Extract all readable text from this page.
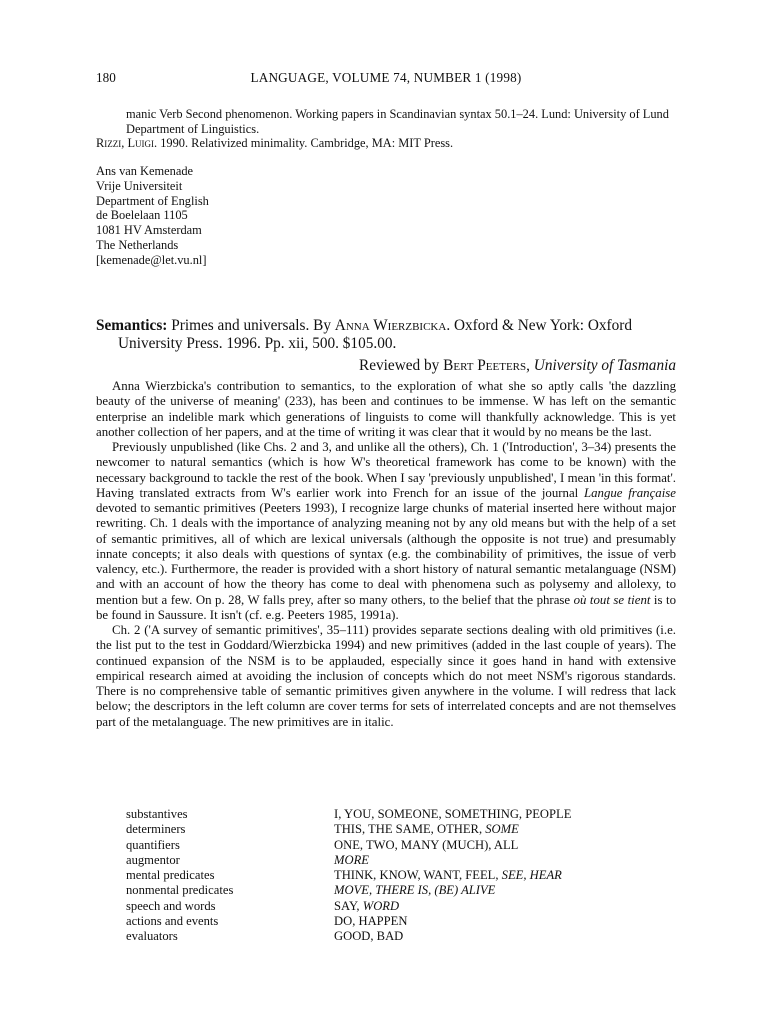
180	LANGUAGE, VOLUME 74, NUMBER 1 (1998)

manic Verb Second phenomenon. Working papers in Scandinavian syntax 50.1–24. Lund: University of Lund Department of Linguistics.

Rizzi, Luigi. 1990. Relativized minimality. Cambridge, MA: MIT Press.

Ans van Kemenade
Vrije Universiteit
Department of English
de Boelelaan 1105
1081 HV Amsterdam
The Netherlands
[kemenade@let.vu.nl]
Semantics: Primes and universals. By Anna Wierzbicka. Oxford & New York: Oxford University Press. 1996. Pp. xii, 500. $105.00.
Reviewed by Bert Peeters, University of Tasmania

Anna Wierzbicka's contribution to semantics, to the exploration of what she so aptly calls 'the dazzling beauty of the universe of meaning' (233), has been and continues to be immense. W has left on the semantic enterprise an indelible mark which generations of linguists to come will thankfully acknowledge. This is yet another collection of her papers, and at the time of writing it was clear that it would by no means be the last.

Previously unpublished (like Chs. 2 and 3, and unlike all the others), Ch. 1 ('Introduction', 3–34) presents the newcomer to natural semantics (which is how W's theoretical framework has come to be known) with the necessary background to tackle the rest of the book. When I say 'previously unpublished', I mean 'in this format'. Having translated extracts from W's earlier work into French for an issue of the journal Langue française devoted to semantic primitives (Peeters 1993), I recognize large chunks of material inserted here without major rewriting. Ch. 1 deals with the importance of analyzing meaning not by any old means but with the help of a set of semantic primitives, all of which are lexical universals (although the opposite is not true) and presumably innate concepts; it also deals with questions of syntax (e.g. the combinability of primitives, the issue of verb valency, etc.). Furthermore, the reader is provided with a short history of natural semantic metalanguage (NSM) and with an account of how the theory has come to deal with phenomena such as polysemy and allolexy, to mention but a few. On p. 28, W falls prey, after so many others, to the belief that the phrase où tout se tient is to be found in Saussure. It isn't (cf. e.g. Peeters 1985, 1991a).

Ch. 2 ('A survey of semantic primitives', 35–111) provides separate sections dealing with old primitives (i.e. the list put to the test in Goddard/Wierzbicka 1994) and new primitives (added in the last couple of years). The continued expansion of the NSM is to be applauded, especially since it goes hand in hand with extensive empirical research aimed at avoiding the inclusion of concepts which do not meet NSM's rigorous standards. There is no comprehensive table of semantic primitives given anywhere in the volume. I will redress that lack below; the descriptors in the left column are cover terms for sets of interrelated concepts and are not themselves part of the metalanguage. The new primitives are in italic.

substantives	I, YOU, SOMEONE, SOMETHING, PEOPLE
determiners	THIS, THE SAME, OTHER, SOME
quantifiers	ONE, TWO, MANY (MUCH), ALL
augmentor	MORE
mental predicates	THINK, KNOW, WANT, FEEL, SEE, HEAR
nonmental predicates	MOVE, THERE IS, (BE) ALIVE
speech and words	SAY, WORD
actions and events	DO, HAPPEN
evaluators	GOOD, BAD
